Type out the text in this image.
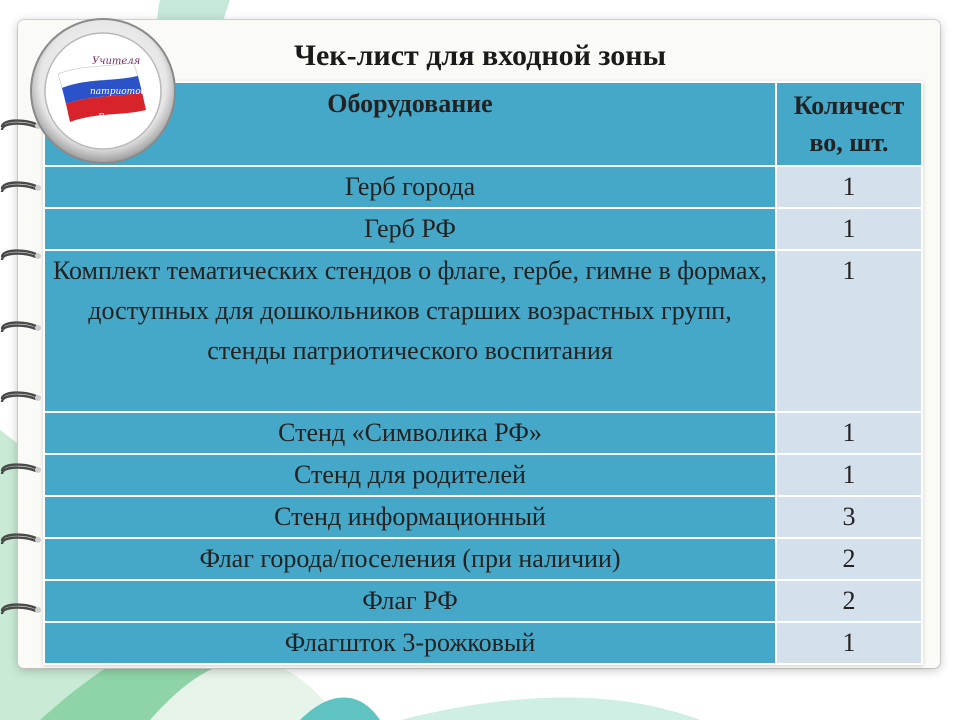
Учителя
патриотов
России
Чек-лист для входной зоны
Оборудование	Количест
во, шт.
Герб города	1
Герб РФ	1
Комплект тематических стендов о флаге, гербе, гимне в формах, доступных для дошкольников старших возрастных групп, стенды патриотического воспитания	1
Стенд «Символика РФ»	1
Стенд для родителей	1
Стенд информационный	3
Флаг города/поселения (при наличии)	2
Флаг РФ	2
Флагшток 3-рожковый	1
